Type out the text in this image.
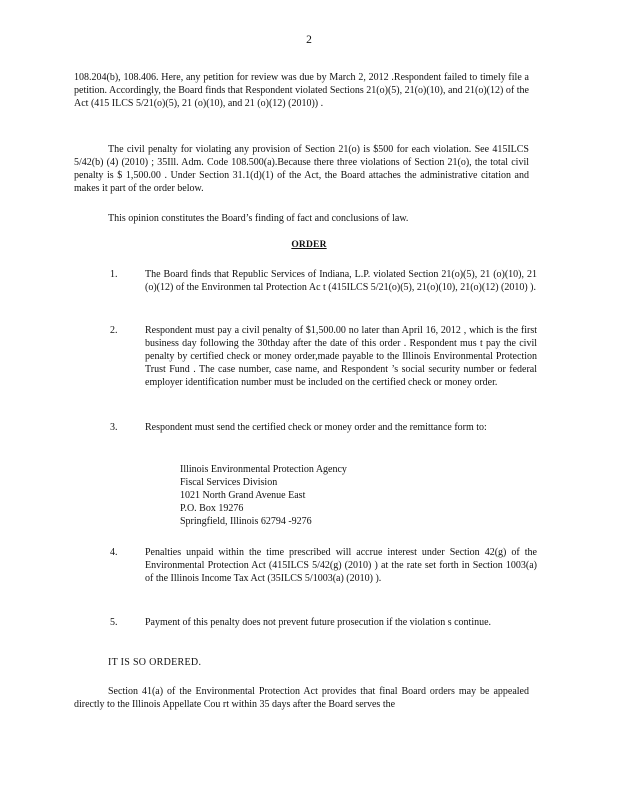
2

108.204(b), 108.406. Here, any petition for review was due by March 2, 2012 .Respondent failed to timely file a petition. Accordingly, the Board finds that Respondent violated Sections 21(o)(5), 21(o)(10), and 21(o)(12) of the Act (415 ILCS 5/21(o)(5), 21 (o)(10), and 21 (o)(12) (2010)) .

The civil penalty for violating any provision of Section 21(o) is $500 for each violation. See 415ILCS 5/42(b) (4) (2010) ; 35Ill. Adm. Code 108.500(a).Because there three violations of Section 21(o), the total civil penalty is $ 1,500.00 . Under Section 31.1(d)(1) of the Act, the Board attaches the administrative citation and makes it part of the order below.

This opinion constitutes the Board’s finding of fact and conclusions of law.

ORDER
1.	The Board finds that Republic Services of Indiana, L.P. violated Section 21(o)(5), 21 (o)(10), 21 (o)(12) of the Environmen tal Protection Ac t (415ILCS 5/21(o)(5), 21(o)(10), 21(o)(12) (2010) ).
2.	Respondent must pay a civil penalty of $1,500.00 no later than April 16, 2012 , which is the first business day following the 30thday after the date of this order . Respondent mus t pay the civil penalty by certified check or money order,made payable to the Illinois Environmental Protection Trust Fund . The case number, case name, and Respondent ’s social security number or federal employer identification number must be included on the certified check or money order.
3.	Respondent must send the certified check or money order and the remittance form to:
Illinois Environmental Protection Agency
Fiscal Services Division
1021 North Grand Avenue East
P.O. Box 19276
Springfield, Illinois 62794 -9276
4.	Penalties unpaid within the time prescribed will accrue interest under Section 42(g) of the Environmental Protection Act (415ILCS 5/42(g) (2010) ) at the rate set forth in Section 1003(a) of the Illinois Income Tax Act (35ILCS 5/1003(a) (2010) ).
5.	Payment of this penalty does not prevent future prosecution if the violation s continue.
IT IS SO ORDERED.

Section 41(a) of the Environmental Protection Act provides that final Board orders may be appealed directly to the Illinois Appellate Cou rt within 35 days after the Board serves the
